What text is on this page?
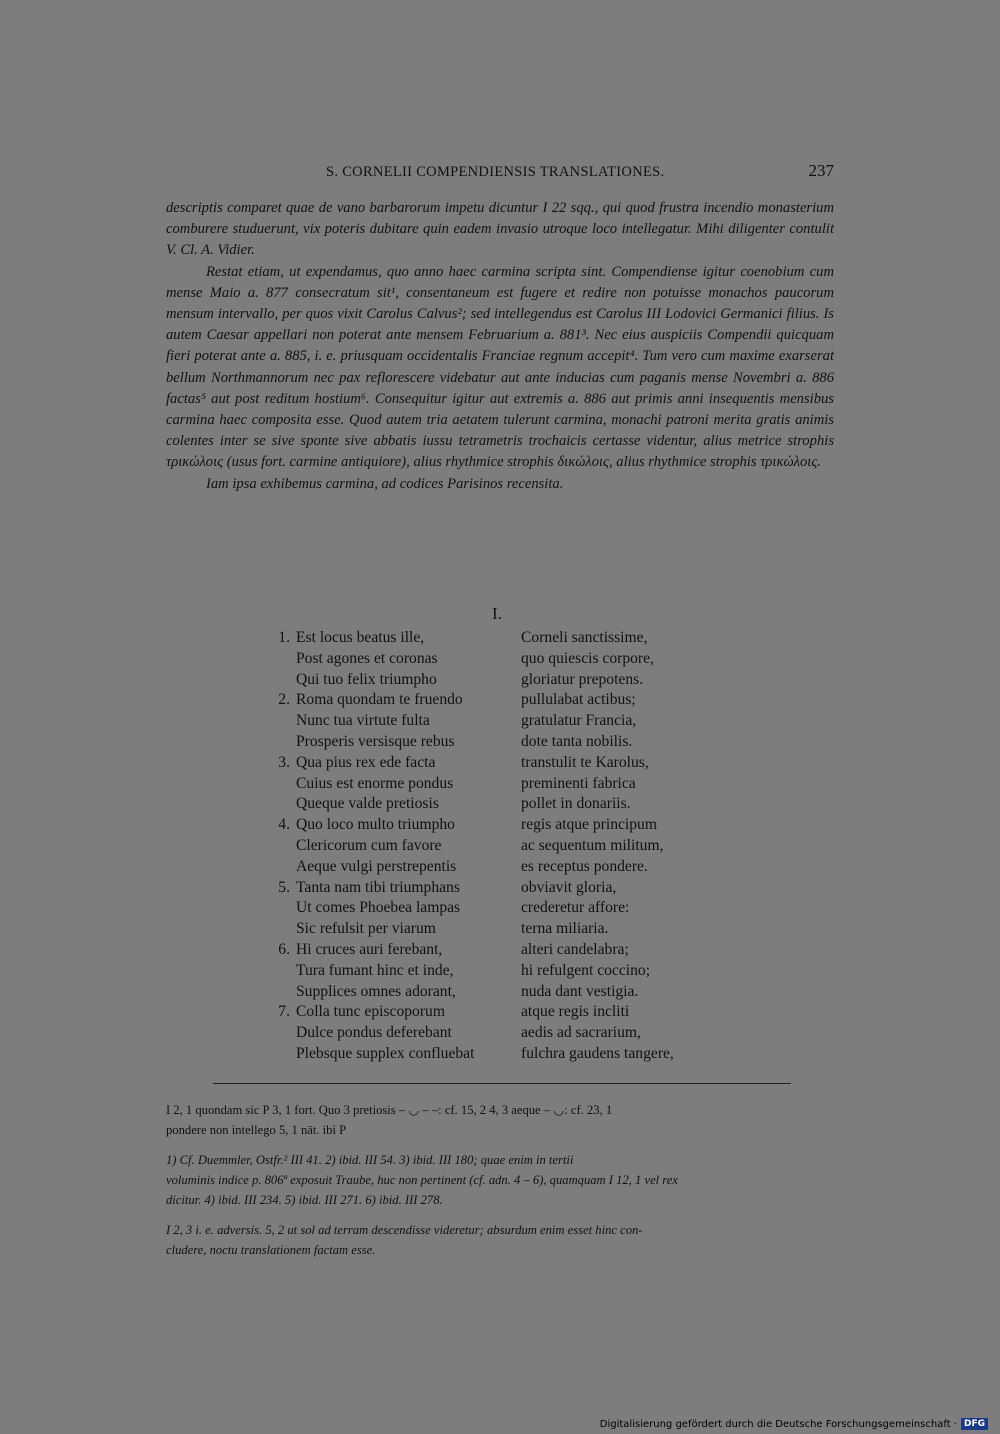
S. CORNELII COMPENDIENSIS TRANSLATIONES.	237

descriptis comparet quae de vano barbarorum impetu dicuntur I 22 sqq., qui quod frustra incendio monasterium comburere studuerunt, vix poteris dubitare quin eadem invasio utroque loco intellegatur. Mihi diligenter contulit V. Cl. A. Vidier.

Restat etiam, ut expendamus, quo anno haec carmina scripta sint. Compendiense igitur coenobium cum mense Maio a. 877 consecratum sit¹, consentaneum est fugere et redire non potuisse monachos paucorum mensum intervallo, per quos vixit Carolus Calvus²; sed intellegendus est Carolus III Lodovici Germanici filius. Is autem Caesar appellari non poterat ante mensem Februarium a. 881³. Nec eius auspiciis Compendii quicquam fieri poterat ante a. 885, i. e. priusquam occidentalis Franciae regnum accepit⁴. Tum vero cum maxime exarserat bellum Northmannorum nec pax reflorescere videbatur aut ante inducias cum paganis mense Novembri a. 886 factas⁵ aut post reditum hostium⁶. Consequitur igitur aut extremis a. 886 aut primis anni insequentis mensibus carmina haec composita esse. Quod autem tria aetatem tulerunt carmina, monachi patroni merita gratis animis colentes inter se sive sponte sive abbatis iussu tetrametris trochaicis certasse videntur, alius metrice strophis τρικώλοις (usus fort. carmine antiquiore), alius rhythmice strophis δικώλοις, alius rhythmice strophis τρικώλοις.

Iam ipsa exhibemus carmina, ad codices Parisinos recensita.

I.
1. Est locus beatus ille,	Corneli sanctissime,
Post agones et coronas	quo quiescis corpore,
Qui tuo felix triumpho	gloriatur prepotens.
2. Roma quondam te fruendo	pullulabat actibus;
Nunc tua virtute fulta	gratulatur Francia,
Prosperis versisque rebus	dote tanta nobilis.
3. Qua pius rex ede facta	transtulit te Karolus,
Cuius est enorme pondus	preminenti fabrica
Queque valde pretiosis	pollet in donariis.
4. Quo loco multo triumpho	regis atque principum
Clericorum cum favore	ac sequentum militum,
Aeque vulgi perstrepentis	es receptus pondere.
5. Tanta nam tibi triumphans	obviavit gloria,
Ut comes Phoebea lampas	crederetur affore:
Sic refulsit per viarum	terna miliaria.
6. Hi cruces auri ferebant,	alteri candelabra;
Tura fumant hinc et inde,	hi refulgent coccino;
Supplices omnes adorant,	nuda dant vestigia.
7. Colla tunc episcoporum	atque regis incliti
Dulce pondus deferebant	aedis ad sacrarium,
Plebsque supplex confluebat	fulchra gaudens tangere,

I 2, 1 quondam sic P 3, 1 fort. Quo 3 pretiosis – ◡ – –: cf. 15, 2 4, 3 aeque – ◡: cf. 23, 1

pondere non intellego 5, 1 nāt. ibi P

1) Cf. Duemmler, Ostfr.² III 41. 2) ibid. III 54. 3) ibid. III 180; quae enim in tertii

voluminis indice p. 806ª exposuit Traube, huc non pertinent (cf. adn. 4 – 6), quamquam I 12, 1 vel rex

dicitur. 4) ibid. III 234. 5) ibid. III 271. 6) ibid. III 278.

I 2, 3 i. e. adversis. 5, 2 ut sol ad terram descendisse videretur; absurdum enim esset hinc con-

cludere, noctu translationem factam esse.

Digitalisierung gefördert durch die Deutsche Forschungsgemeinschaft · DFG
